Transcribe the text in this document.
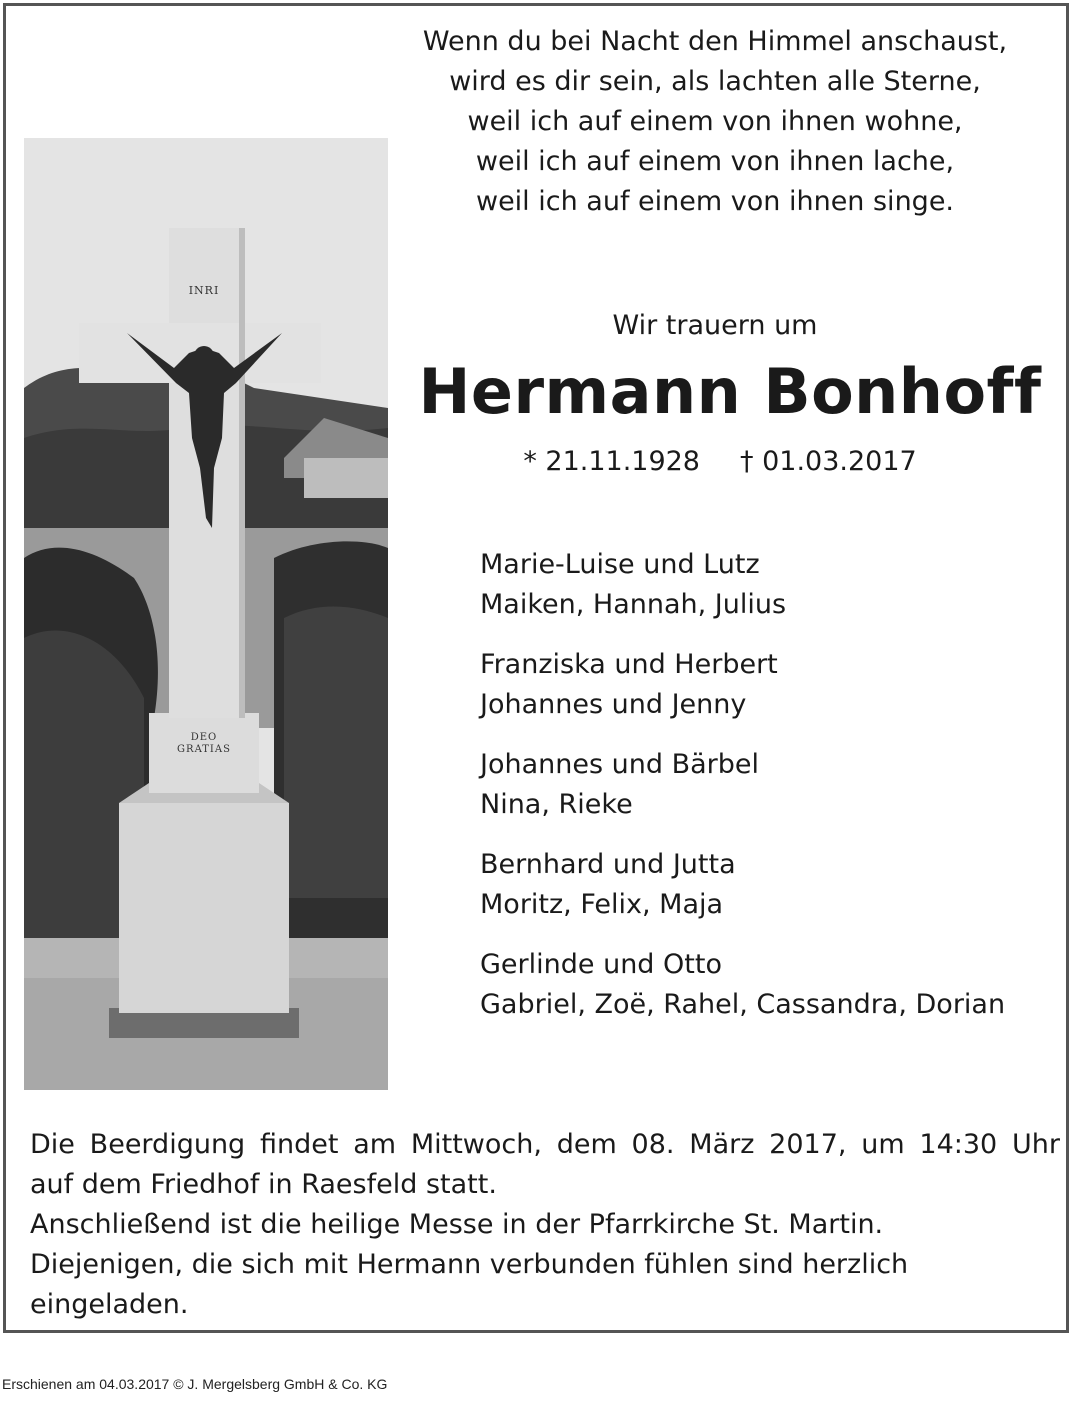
Wenn du bei Nacht den Himmel anschaust,
wird es dir sein, als lachten alle Sterne,
weil ich auf einem von ihnen wohne,
weil ich auf einem von ihnen lache,
weil ich auf einem von ihnen singe.
INRI
DEO
GRATIAS
Wir trauern um
Hermann Bonhoff
* 21.11.1928 † 01.03.2017
Marie-Luise und Lutz
Maiken, Hannah, Julius
Franziska und Herbert
Johannes und Jenny
Johannes und Bärbel
Nina, Rieke
Bernhard und Jutta
Moritz, Felix, Maja
Gerlinde und Otto
Gabriel, Zoë, Rahel, Cassandra, Dorian
Die Beerdigung findet am Mittwoch, dem 08. März 2017, um 14:30 Uhr
auf dem Friedhof in Raesfeld statt.
Anschließend ist die heilige Messe in der Pfarrkirche St. Martin.
Diejenigen, die sich mit Hermann verbunden fühlen sind herzlich eingeladen.
Erschienen am 04.03.2017 © J. Mergelsberg GmbH & Co. KG
